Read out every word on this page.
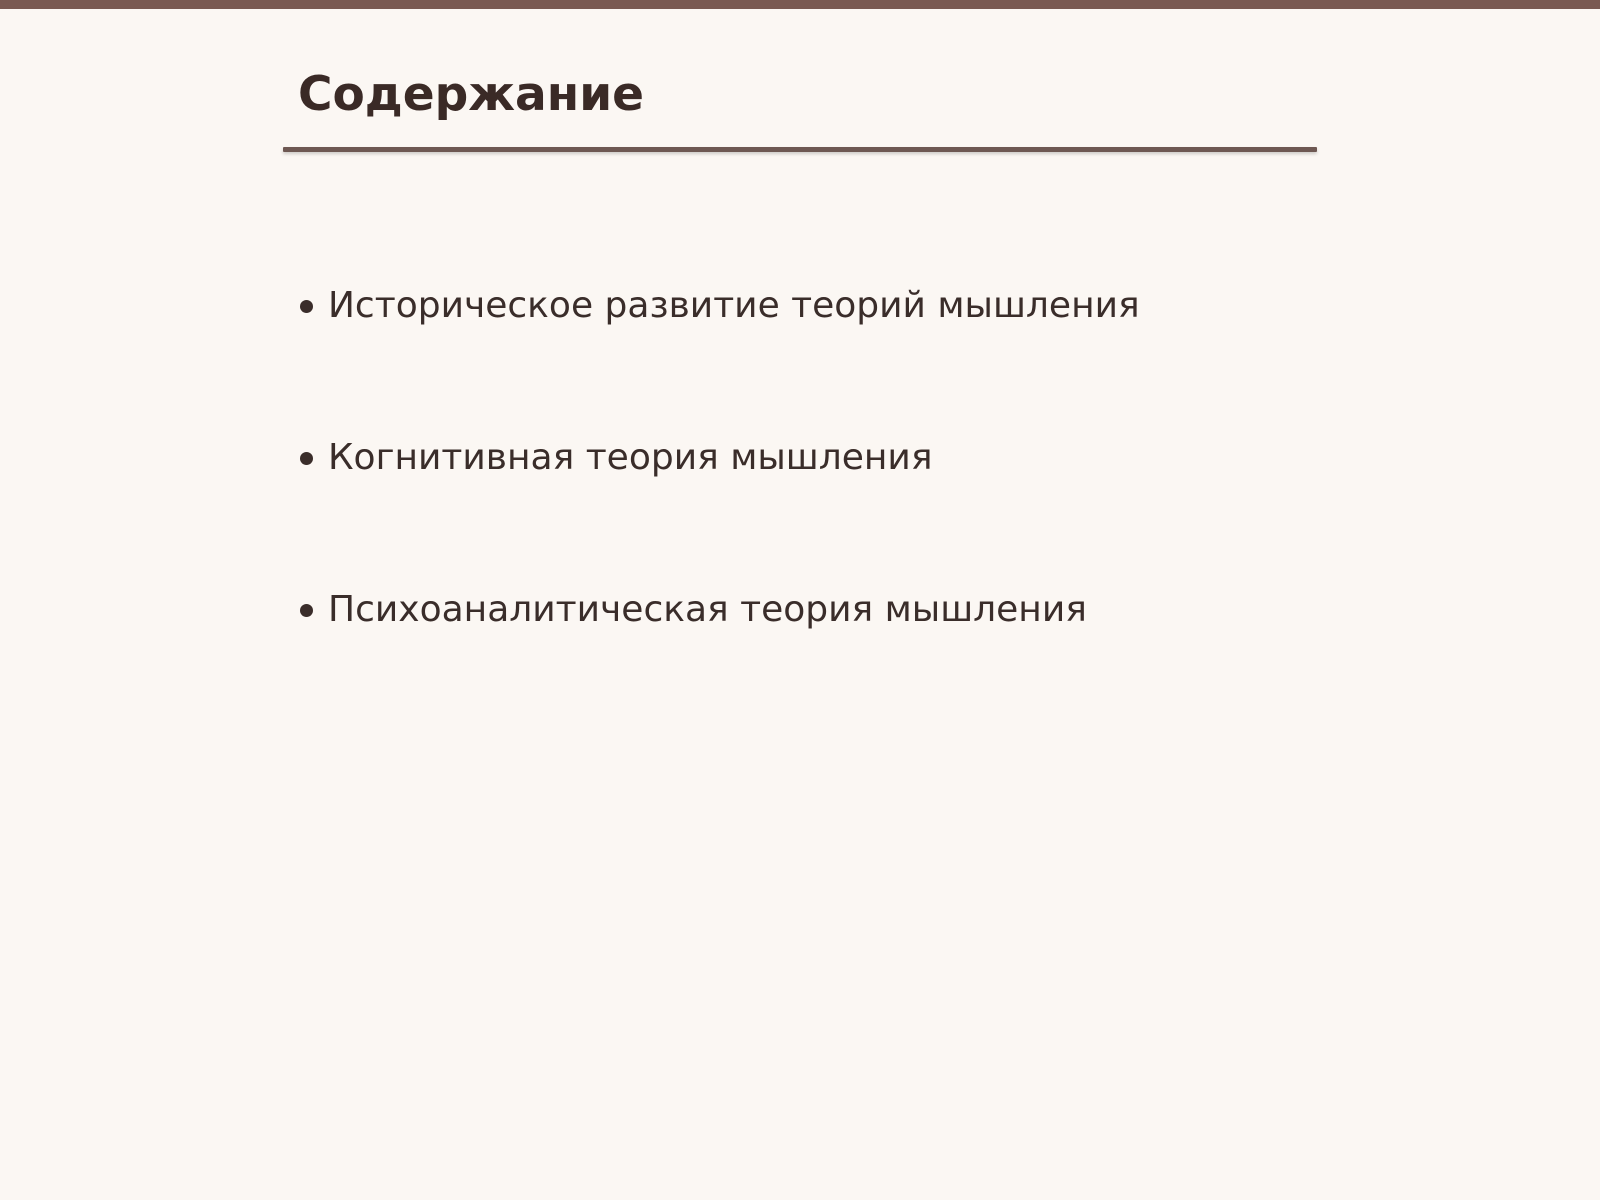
Содержание
Историческое развитие теорий мышления
Когнитивная теория мышления
Психоаналитическая теория мышления
